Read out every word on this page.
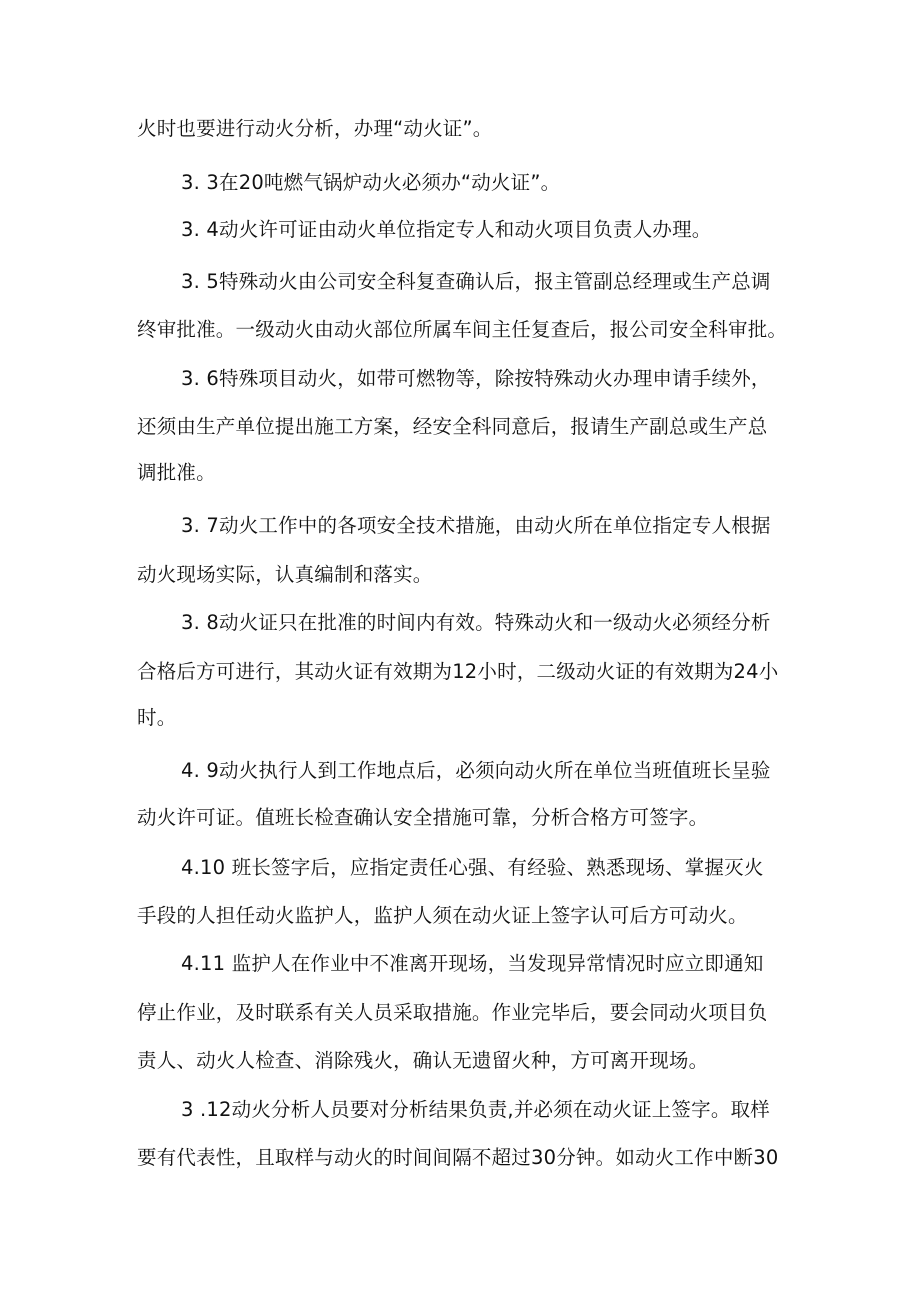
火时也要进行动火分析，办理“动火证”。
3. 3在20吨燃气锅炉动火必须办“动火证”。
3. 4动火许可证由动火单位指定专人和动火项目负责人办理。
3. 5特殊动火由公司安全科复查确认后，报主管副总经理或生产总调
终审批准。一级动火由动火部位所属车间主任复查后，报公司安全科审批。
3. 6特殊项目动火，如带可燃物等，除按特殊动火办理申请手续外，
还须由生产单位提出施工方案，经安全科同意后，报请生产副总或生产总
调批准。
3. 7动火工作中的各项安全技术措施，由动火所在单位指定专人根据
动火现场实际，认真编制和落实。
3. 8动火证只在批准的时间内有效。特殊动火和一级动火必须经分析
合格后方可进行，其动火证有效期为12小时，二级动火证的有效期为24小
时。
4. 9动火执行人到工作地点后，必须向动火所在单位当班值班长呈验
动火许可证。值班长检查确认安全措施可靠，分析合格方可签字。
4.10 班长签字后，应指定责任心强、有经验、熟悉现场、掌握灭火
手段的人担任动火监护人，监护人须在动火证上签字认可后方可动火。
4.11 监护人在作业中不准离开现场，当发现异常情况时应立即通知
停止作业，及时联系有关人员采取措施。作业完毕后，要会同动火项目负
责人、动火人检查、消除残火，确认无遗留火种，方可离开现场。
3 .12动火分析人员要对分析结果负责,并必须在动火证上签字。取样
要有代表性，且取样与动火的时间间隔不超过30分钟。如动火工作中断30
